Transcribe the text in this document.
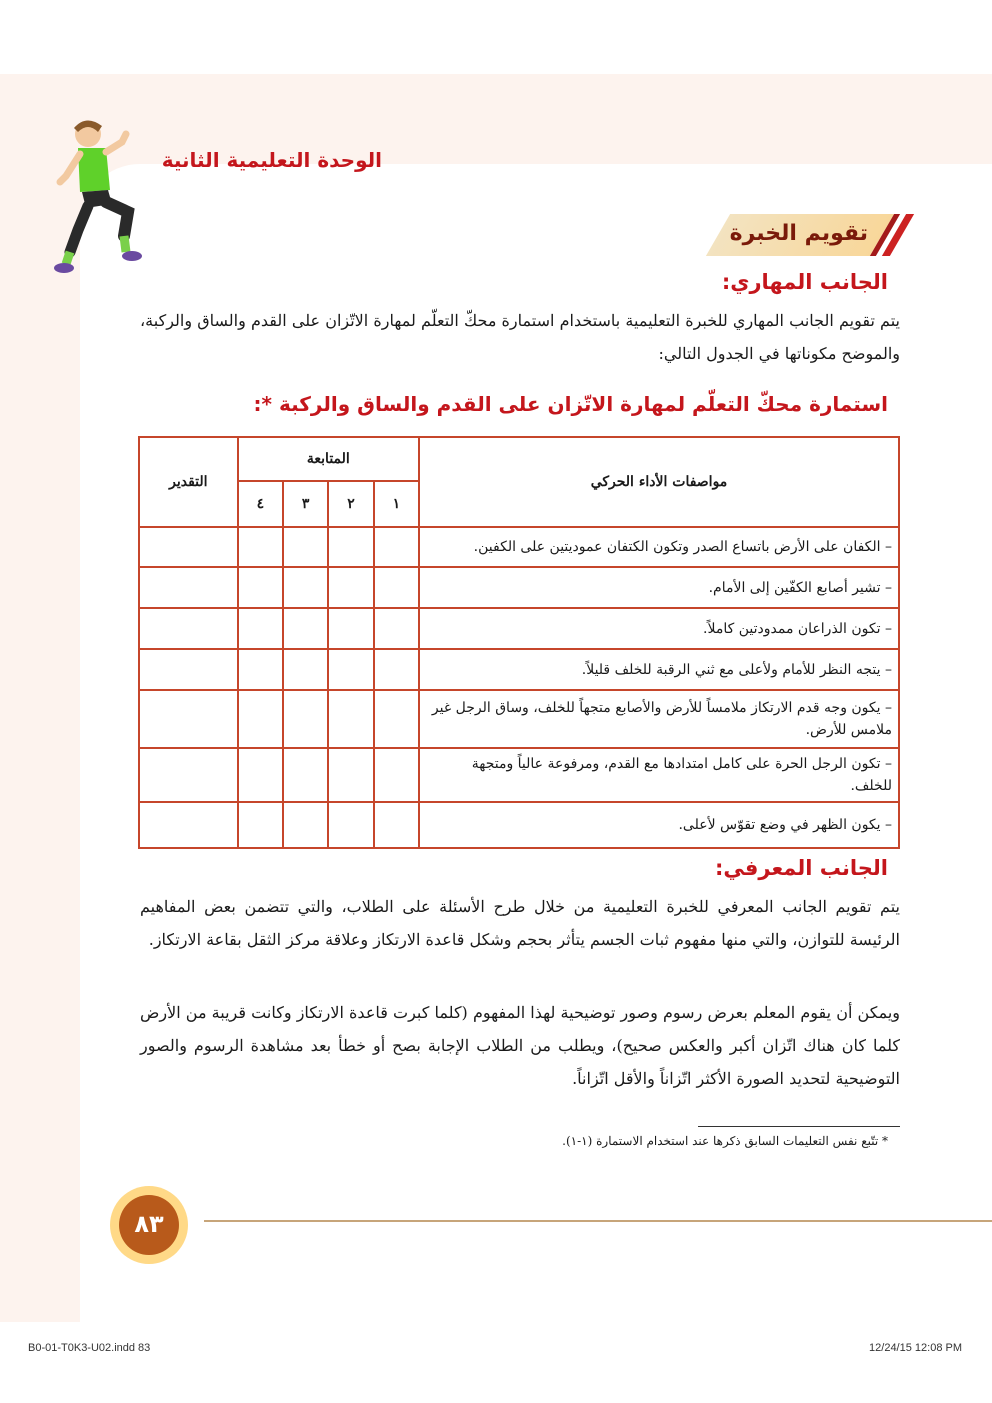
الوحدة التعليمية الثانية
تقويم الخبرة
الجانب المهاري:

يتم تقويم الجانب المهاري للخبرة التعليمية باستخدام استمارة محكّ التعلّم لمهارة الاتّزان على القدم والساق والركبة، والموضح مكوناتها في الجدول التالي:

استمارة محكّ التعلّم لمهارة الاتّزان على القدم والساق والركبة *:
مواصفات الأداء الحركي	المتابعة				التقدير
	١	٢	٣	٤	
– الكفان على الأرض باتساع الصدر وتكون الكتفان عموديتين على الكفين.					
– تشير أصابع الكفّين إلى الأمام.					
– تكون الذراعان ممدودتين كاملاً.					
– يتجه النظر للأمام ولأعلى مع ثني الرقبة للخلف قليلاً.					
– يكون وجه قدم الارتكاز ملامساً للأرض والأصابع متجهاً للخلف، وساق الرجل غير ملامس للأرض.					
– تكون الرجل الحرة على كامل امتدادها مع القدم، ومرفوعة عالياً ومتجهة للخلف.					
– يكون الظهر في وضع تقوّس لأعلى.					
الجانب المعرفي:

يتم تقويم الجانب المعرفي للخبرة التعليمية من خلال طرح الأسئلة على الطلاب، والتي تتضمن بعض المفاهيم الرئيسة للتوازن، والتي منها مفهوم ثبات الجسم يتأثر بحجم وشكل قاعدة الارتكاز وعلاقة مركز الثقل بقاعة الارتكاز.

ويمكن أن يقوم المعلم بعرض رسوم وصور توضيحية لهذا المفهوم (كلما كبرت قاعدة الارتكاز وكانت قريبة من الأرض كلما كان هناك اتّزان أكبر والعكس صحيح)، ويطلب من الطلاب الإجابة بصح أو خطأ بعد مشاهدة الرسوم والصور التوضيحية لتحديد الصورة الأكثر اتّزاناً والأقل اتّزاناً.

* تتّبع نفس التعليمات السابق ذكرها عند استخدام الاستمارة (١-١).
٨٣
B0-01-T0K3-U02.indd 83	12/24/15 12:08 PM
